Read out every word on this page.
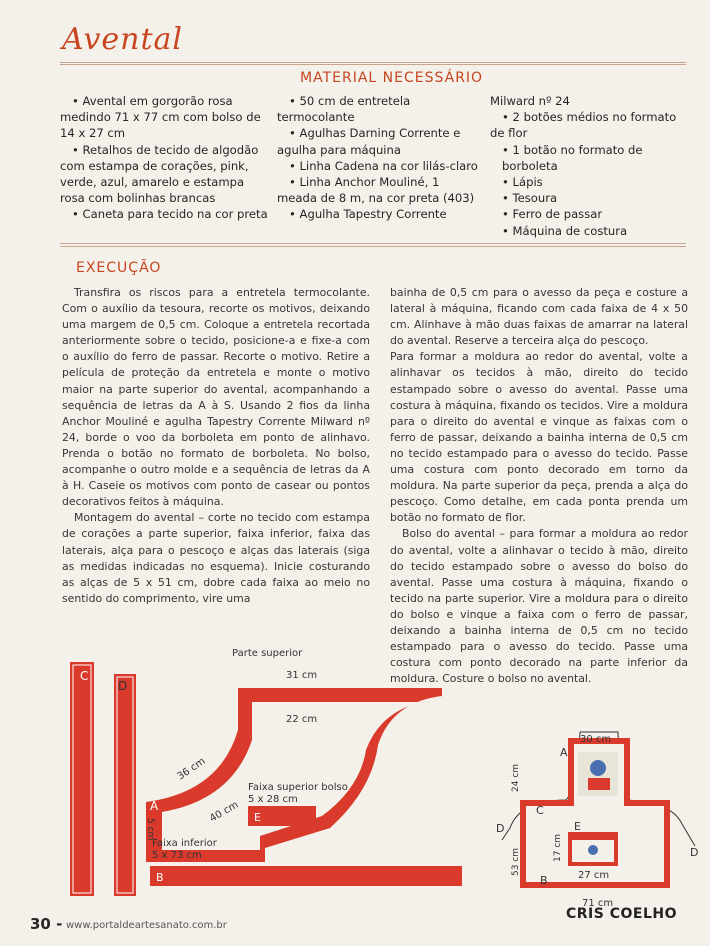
Avental
MATERIAL NECESSÁRIO
• Avental em gorgorão rosa
medindo 71 x 77 cm com bolso de
14 x 27 cm
• Retalhos de tecido de algodão
com estampa de corações, pink,
verde, azul, amarelo e estampa
rosa com bolinhas brancas
• Caneta para tecido na cor preta
• 50 cm de entretela
termocolante
• Agulhas Darning Corrente e
agulha para máquina
• Linha Cadena na cor lilás-claro
• Linha Anchor Mouliné, 1
meada de 8 m, na cor preta (403)
• Agulha Tapestry Corrente
Milward nº 24
• 2 botões médios no formato
de flor
• 1 botão no formato de borboleta
• Lápis
• Tesoura
• Ferro de passar
• Máquina de costura
EXECUÇÃO

Transfira os riscos para a entretela termocolante. Com o auxílio da tesoura, recorte os motivos, deixando uma margem de 0,5 cm. Coloque a entretela recortada anteriormente sobre o tecido, posicione-a e fixe-a com o auxílio do ferro de passar. Recorte o motivo. Retire a película de proteção da entretela e monte o motivo maior na parte superior do avental, acompanhando a sequência de letras da A à S. Usando 2 fios da linha Anchor Mouliné e agulha Tapestry Corrente Milward nº 24, borde o voo da borboleta em ponto de alinhavo. Prenda o botão no formato de borboleta. No bolso, acompanhe o outro molde e a sequência de letras da A à H. Caseie os motivos com ponto de casear ou pontos decorativos feitos à máquina.

Montagem do avental – corte no tecido com estampa de corações a parte superior, faixa inferior, faixa das laterais, alça para o pescoço e alças das laterais (siga as medidas indicadas no esquema). Inicie costurando as alças de 5 x 51 cm, dobre cada faixa ao meio no sentido do comprimento, vire uma

bainha de 0,5 cm para o avesso da peça e costure a lateral à máquina, ficando com cada faixa de 4 x 50 cm. Alinhave à mão duas faixas de amarrar na lateral do avental. Reserve a terceira alça do pescoço.

Para formar a moldura ao redor do avental, volte a alinhavar os tecidos à mão, direito do tecido estampado sobre o avesso do avental. Passe uma costura à máquina, fixando os tecidos. Vire a moldura para o direito do avental e vinque as faixas com o ferro de passar, deixando a bainha interna de 0,5 cm no tecido estampado para o avesso do tecido. Passe uma costura com ponto decorado em torno da moldura. Na parte superior da peça, prenda a alça do pescoço. Como detalhe, em cada ponta prenda um botão no formato de flor.

Bolso do avental – para formar a moldura ao redor do avental, volte a alinhavar o tecido à mão, direito do tecido estampado sobre o avesso do bolso do avental. Passe uma costura à máquina, fixando o tecido na parte superior. Vire a moldura para o direito do bolso e vinque a faixa com o ferro de passar, deixando a bainha interna de 0,5 cm no tecido estampado para o avesso do tecido. Passe uma costura com ponto decorado na parte inferior da moldura. Costure o bolso no avental.

C
D
Parte superior
31 cm
22 cm
36 cm
40 cm
5 cm
A
E
Faixa superior bolso
5 x 28 cm
Faixa inferior
5 x 73 cm
B
30 cm
A
24 cm
C
D
D
E
17 cm
53 cm
B	27 cm
71 cm
30 - www.portaldeartesanato.com.br
CRIS COELHO
